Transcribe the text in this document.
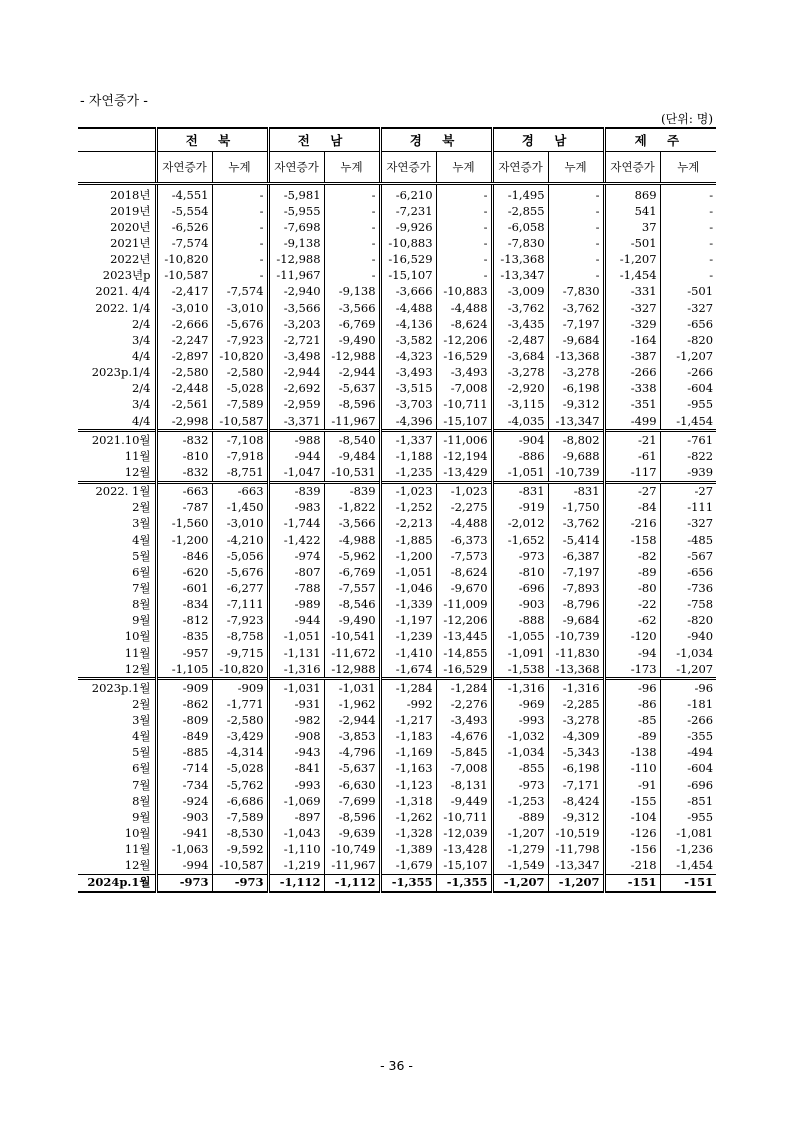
- 자연증가 -
(단위: 명)
	전 북		전 남		경 북		경 남		제 주	
	자연증가	누계	자연증가	누계	자연증가	누계	자연증가	누계	자연증가	누계
2018년	-4,551	-	-5,981	-	-6,210	-	-1,495	-	869	-
2019년	-5,554	-	-5,955	-	-7,231	-	-2,855	-	541	-
2020년	-6,526	-	-7,698	-	-9,926	-	-6,058	-	37	-
2021년	-7,574	-	-9,138	-	-10,883	-	-7,830	-	-501	-
2022년	-10,820	-	-12,988	-	-16,529	-	-13,368	-	-1,207	-
2023년p	-10,587	-	-11,967	-	-15,107	-	-13,347	-	-1,454	-
2021. 4/4	-2,417	-7,574	-2,940	-9,138	-3,666	-10,883	-3,009	-7,830	-331	-501
2022. 1/4	-3,010	-3,010	-3,566	-3,566	-4,488	-4,488	-3,762	-3,762	-327	-327
2/4	-2,666	-5,676	-3,203	-6,769	-4,136	-8,624	-3,435	-7,197	-329	-656
3/4	-2,247	-7,923	-2,721	-9,490	-3,582	-12,206	-2,487	-9,684	-164	-820
4/4	-2,897	-10,820	-3,498	-12,988	-4,323	-16,529	-3,684	-13,368	-387	-1,207
2023p.1/4	-2,580	-2,580	-2,944	-2,944	-3,493	-3,493	-3,278	-3,278	-266	-266
2/4	-2,448	-5,028	-2,692	-5,637	-3,515	-7,008	-2,920	-6,198	-338	-604
3/4	-2,561	-7,589	-2,959	-8,596	-3,703	-10,711	-3,115	-9,312	-351	-955
4/4	-2,998	-10,587	-3,371	-11,967	-4,396	-15,107	-4,035	-13,347	-499	-1,454
2021.10월	-832	-7,108	-988	-8,540	-1,337	-11,006	-904	-8,802	-21	-761
11월	-810	-7,918	-944	-9,484	-1,188	-12,194	-886	-9,688	-61	-822
12월	-832	-8,751	-1,047	-10,531	-1,235	-13,429	-1,051	-10,739	-117	-939
2022. 1월	-663	-663	-839	-839	-1,023	-1,023	-831	-831	-27	-27
2월	-787	-1,450	-983	-1,822	-1,252	-2,275	-919	-1,750	-84	-111
3월	-1,560	-3,010	-1,744	-3,566	-2,213	-4,488	-2,012	-3,762	-216	-327
4월	-1,200	-4,210	-1,422	-4,988	-1,885	-6,373	-1,652	-5,414	-158	-485
5월	-846	-5,056	-974	-5,962	-1,200	-7,573	-973	-6,387	-82	-567
6월	-620	-5,676	-807	-6,769	-1,051	-8,624	-810	-7,197	-89	-656
7월	-601	-6,277	-788	-7,557	-1,046	-9,670	-696	-7,893	-80	-736
8월	-834	-7,111	-989	-8,546	-1,339	-11,009	-903	-8,796	-22	-758
9월	-812	-7,923	-944	-9,490	-1,197	-12,206	-888	-9,684	-62	-820
10월	-835	-8,758	-1,051	-10,541	-1,239	-13,445	-1,055	-10,739	-120	-940
11월	-957	-9,715	-1,131	-11,672	-1,410	-14,855	-1,091	-11,830	-94	-1,034
12월	-1,105	-10,820	-1,316	-12,988	-1,674	-16,529	-1,538	-13,368	-173	-1,207
2023p.1월	-909	-909	-1,031	-1,031	-1,284	-1,284	-1,316	-1,316	-96	-96
2월	-862	-1,771	-931	-1,962	-992	-2,276	-969	-2,285	-86	-181
3월	-809	-2,580	-982	-2,944	-1,217	-3,493	-993	-3,278	-85	-266
4월	-849	-3,429	-908	-3,853	-1,183	-4,676	-1,032	-4,309	-89	-355
5월	-885	-4,314	-943	-4,796	-1,169	-5,845	-1,034	-5,343	-138	-494
6월	-714	-5,028	-841	-5,637	-1,163	-7,008	-855	-6,198	-110	-604
7월	-734	-5,762	-993	-6,630	-1,123	-8,131	-973	-7,171	-91	-696
8월	-924	-6,686	-1,069	-7,699	-1,318	-9,449	-1,253	-8,424	-155	-851
9월	-903	-7,589	-897	-8,596	-1,262	-10,711	-889	-9,312	-104	-955
10월	-941	-8,530	-1,043	-9,639	-1,328	-12,039	-1,207	-10,519	-126	-1,081
11월	-1,063	-9,592	-1,110	-10,749	-1,389	-13,428	-1,279	-11,798	-156	-1,236
12월	-994	-10,587	-1,219	-11,967	-1,679	-15,107	-1,549	-13,347	-218	-1,454
2024p.1월	-973	-973	-1,112	-1,112	-1,355	-1,355	-1,207	-1,207	-151	-151
- 36 -
